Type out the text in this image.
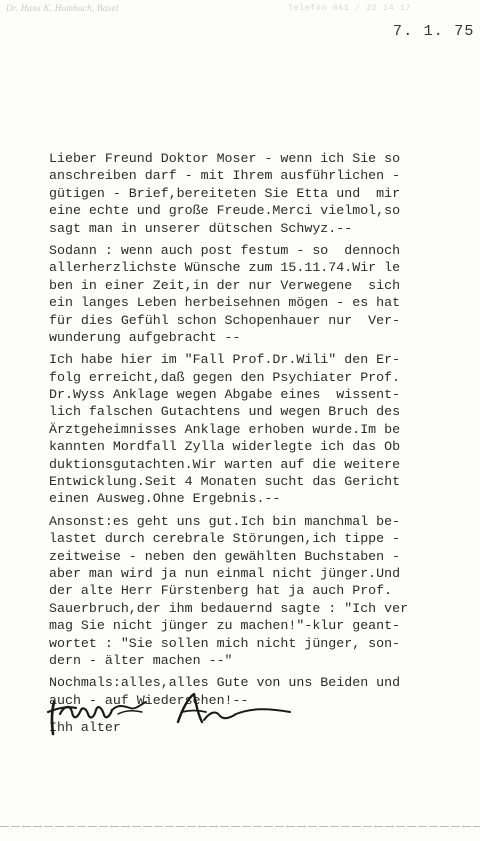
Dr. Hans K. Humbach, Basel	Telefon 061 / 22 14 17
7. 1. 75
Lieber Freund Doktor Moser - wenn ich Sie so
anschreiben darf - mit Ihrem ausführlichen -
gütigen - Brief,bereiteten Sie Etta und  mir
eine echte und große Freude.Merci vielmol,so
sagt man in unserer dütschen Schwyz.--
Sodann : wenn auch post festum - so  dennoch
allerherzlichste Wünsche zum 15.11.74.Wir le
ben in einer Zeit,in der nur Verwegene  sich
ein langes Leben herbeisehnen mögen - es hat
für dies Gefühl schon Schopenhauer nur  Ver-
wunderung aufgebracht --
Ich habe hier im "Fall Prof.Dr.Wili" den Er-
folg erreicht,daß gegen den Psychiater Prof.
Dr.Wyss Anklage wegen Abgabe eines  wissent-
lich falschen Gutachtens und wegen Bruch des
Ärztgeheimnisses Anklage erhoben wurde.Im be
kannten Mordfall Zylla widerlegte ich das Ob
duktionsgutachten.Wir warten auf die weitere
Entwicklung.Seit 4 Monaten sucht das Gericht
einen Ausweg.Ohne Ergebnis.--
Ansonst:es geht uns gut.Ich bin manchmal be-
lastet durch cerebrale Störungen,ich tippe -
zeitweise - neben den gewählten Buchstaben -
aber man wird ja nun einmal nicht jünger.Und
der alte Herr Fürstenberg hat ja auch Prof.
Sauerbruch,der ihm bedauernd sagte : "Ich ver
mag Sie nicht jünger zu machen!"-klur geant-
wortet : "Sie sollen mich nicht jünger, son-
dern - älter machen --"
Nochmals:alles,alles Gute von uns Beiden und
auch - auf Wiedersehen!--
Ihh alter
